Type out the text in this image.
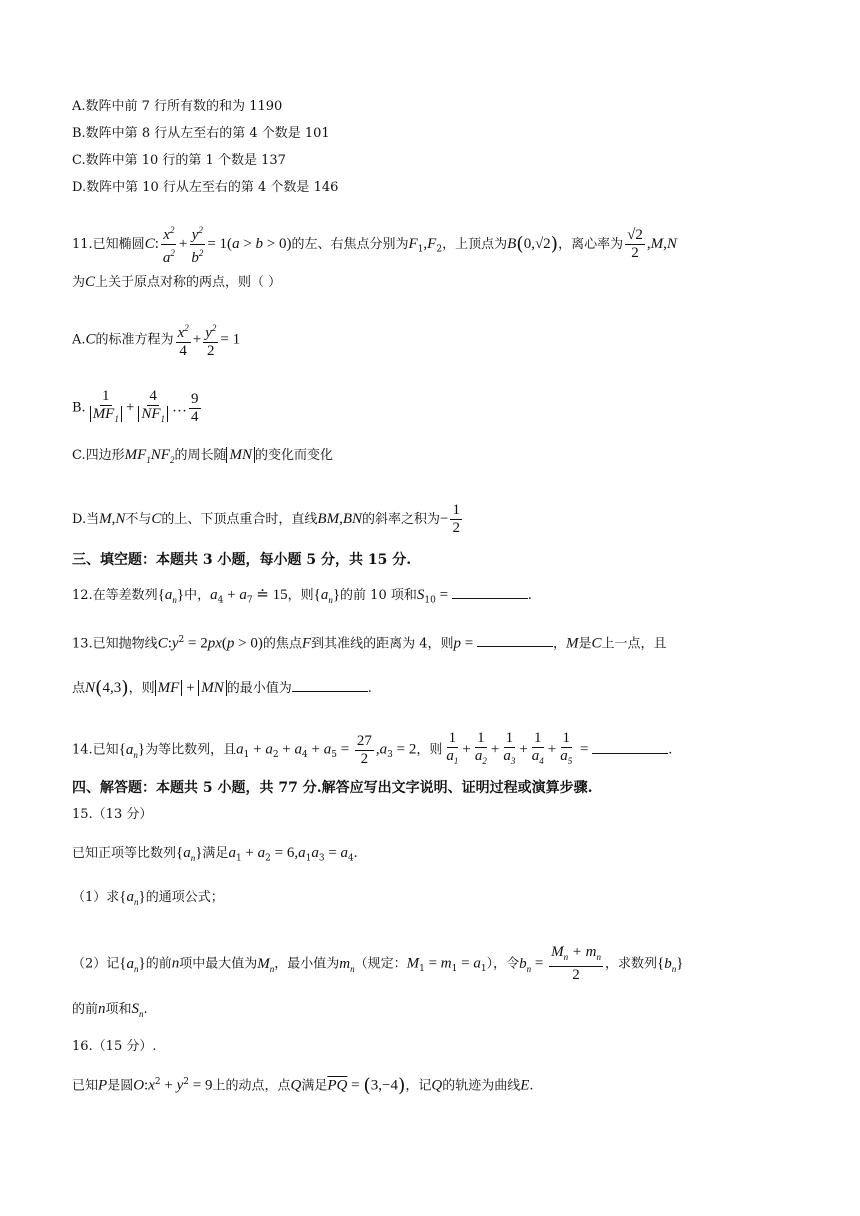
A.数阵中前 7 行所有数的和为 1190
B.数阵中第 8 行从左至右的第 4 个数是 101
C.数阵中第 10 行的第 1 个数是 137
D.数阵中第 10 行从左至右的第 4 个数是 146
11.已知椭圆C: $\frac{x^2}{a^2} + \frac{y^2}{b^2} = 1(a > b > 0)$的左、右焦点分别为$F_1,F_2$，上顶点为B(0,√2)，离心率为 $\frac{√2}{2} ,M,N$
为C上关于原点对称的两点，则（ ）
A.C的标准方程为 $\frac{x^2}{4} + \frac{y^2}{2} = 1$
B. $\frac{1}{MF_1} + \frac{4}{NF_1}$ … $\frac{9}{4}$
C.四边形$MF_1NF_2$的周长随 MN 的变化而变化
D.当M,N不与C的上、下顶点重合时，直线BM,BN的斜率之积为− $\frac{1}{2}$
三、填空题：本题共 3 小题，每小题 5 分，共 15 分.
12.在等差数列$\{a_n\}$中，$a_4 + a_7$ ≐ 15，则$\{a_n\}$的前 10 项和$S_{10}$ =	.
13.已知抛物线$C:y^2 = 2px(p > 0)$的焦点F到其准线的距离为 4，则p =	，M是C上一点，且
点N(4,3)，则 MF + MN 的最小值为	.
14.已知$\{a_n\}$为等比数列，且$a_1 + a_2 + a_4 + a_5 = \frac{27}{2} ,a_3 = 2$，则 $\frac{1}{a_1} + \frac{1}{a_2} + \frac{1}{a_3} + \frac{1}{a_4} + \frac{1}{a_5}$ =	.
四、解答题：本题共 5 小题，共 77 分.解答应写出文字说明、证明过程或演算步骤.
15.（13 分）
已知正项等比数列$\{a_n\}$满足$a_1 + a_2 = 6,a_1a_3 = a_4$.
（1）求$\{a_n\}$的通项公式；
（2）记$\{a_n\}$的前n项中最大值为$M_n$，最小值为$m_n$（规定：$M_1 = m_1 = a_1$），令$b_n = \frac{M_n + m_n}{2}$ ，求数列$\{b_n\}$
的前n项和$S_n$.
16.（15 分）.
已知P是圆$O:x^2 + y^2 = 9$上的动点，点Q满足$\overline{PQ} = (3,-4)$，记Q的轨迹为曲线E.
